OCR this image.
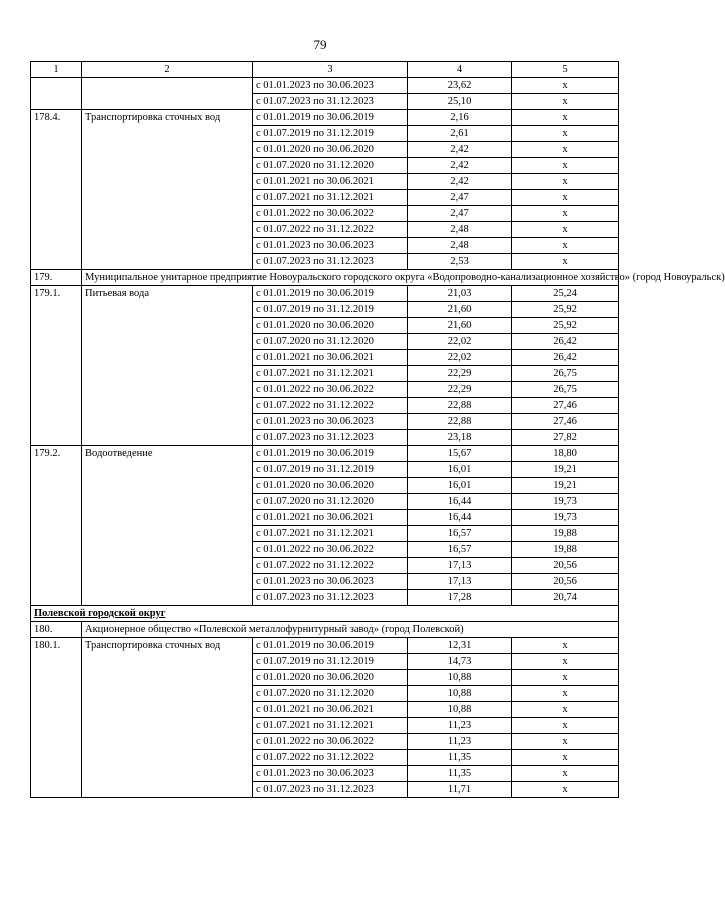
79
1	2	3	4	5
		с 01.01.2023 по 30.06.2023	23,62	х
		с 01.07.2023 по 31.12.2023	25,10	х
178.4.	Транспортировка сточных вод	с 01.01.2019 по 30.06.2019	2,16	х
		с 01.07.2019 по 31.12.2019	2,61	х
		с 01.01.2020 по 30.06.2020	2,42	х
		с 01.07.2020 по 31.12.2020	2,42	х
		с 01.01.2021 по 30.06.2021	2,42	х
		с 01.07.2021 по 31.12.2021	2,47	х
		с 01.01.2022 по 30.06.2022	2,47	х
		с 01.07.2022 по 31.12.2022	2,48	х
		с 01.01.2023 по 30.06.2023	2,48	х
		с 01.07.2023 по 31.12.2023	2,53	х
179.	Муниципальное унитарное предприятие Новоуральского городского округа «Водопроводно-канализационное хозяйство» (город Новоуральск)			
179.1.	Питьевая вода	с 01.01.2019 по 30.06.2019	21,03	25,24
		с 01.07.2019 по 31.12.2019	21,60	25,92
		с 01.01.2020 по 30.06.2020	21,60	25,92
		с 01.07.2020 по 31.12.2020	22,02	26,42
		с 01.01.2021 по 30.06.2021	22,02	26,42
		с 01.07.2021 по 31.12.2021	22,29	26,75
		с 01.01.2022 по 30.06.2022	22,29	26,75
		с 01.07.2022 по 31.12.2022	22,88	27,46
		с 01.01.2023 по 30.06.2023	22,88	27,46
		с 01.07.2023 по 31.12.2023	23,18	27,82
179.2.	Водоотведение	с 01.01.2019 по 30.06.2019	15,67	18,80
		с 01.07.2019 по 31.12.2019	16,01	19,21
		с 01.01.2020 по 30.06.2020	16,01	19,21
		с 01.07.2020 по 31.12.2020	16,44	19,73
		с 01.01.2021 по 30.06.2021	16,44	19,73
		с 01.07.2021 по 31.12.2021	16,57	19,88
		с 01.01.2022 по 30.06.2022	16,57	19,88
		с 01.07.2022 по 31.12.2022	17,13	20,56
		с 01.01.2023 по 30.06.2023	17,13	20,56
		с 01.07.2023 по 31.12.2023	17,28	20,74
Полевской городской округ				
180.	Акционерное общество «Полевской металлофурнитурный завод» (город Полевской)			
180.1.	Транспортировка сточных вод	с 01.01.2019 по 30.06.2019	12,31	х
		с 01.07.2019 по 31.12.2019	14,73	х
		с 01.01.2020 по 30.06.2020	10,88	х
		с 01.07.2020 по 31.12.2020	10,88	х
		с 01.01.2021 по 30.06.2021	10,88	х
		с 01.07.2021 по 31.12.2021	11,23	х
		с 01.01.2022 по 30.06.2022	11,23	х
		с 01.07.2022 по 31.12.2022	11,35	х
		с 01.01.2023 по 30.06.2023	11,35	х
		с 01.07.2023 по 31.12.2023	11,71	х
